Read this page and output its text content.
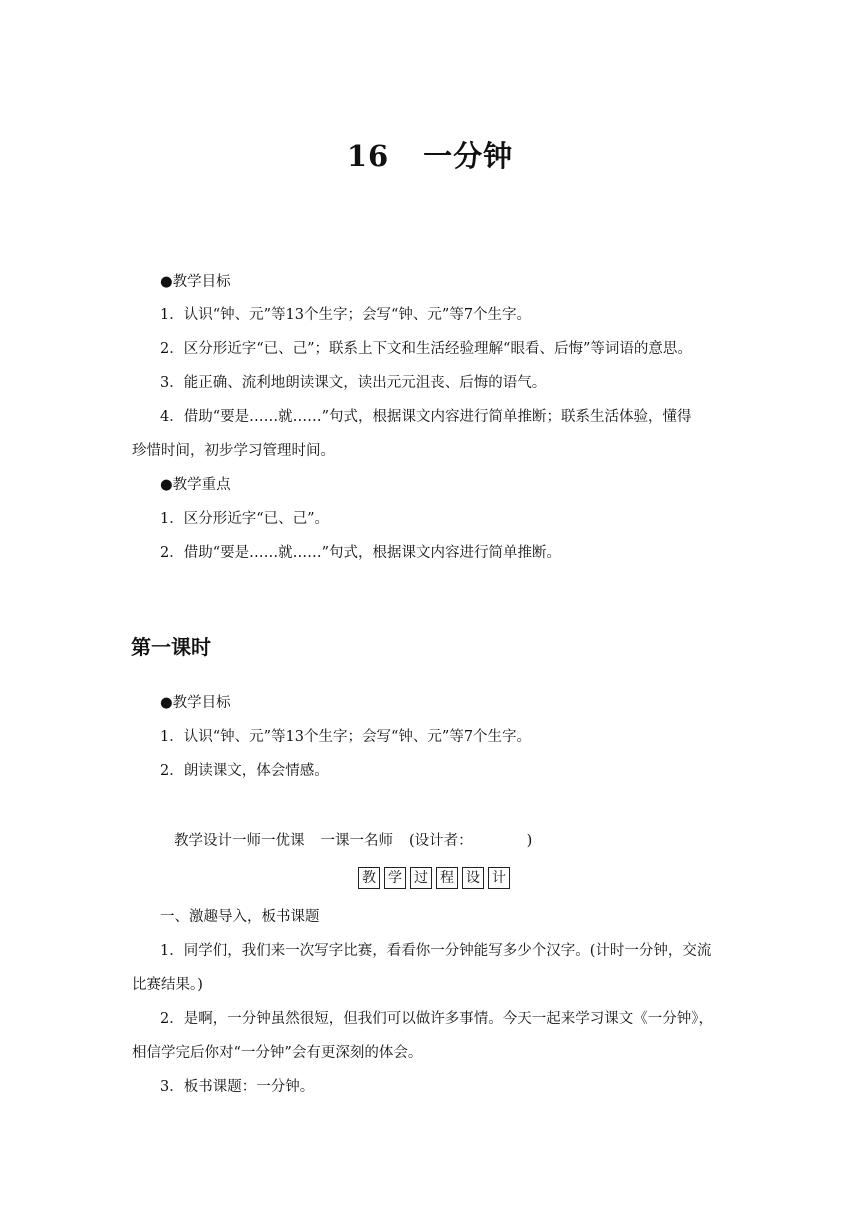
16 一分钟
●教学目标
1．认识“钟、元”等13个生字；会写“钟、元”等7个生字。
2．区分形近字“已、己”；联系上下文和生活经验理解“眼看、后悔”等词语的意思。
3．能正确、流利地朗读课文，读出元元沮丧、后悔的语气。
4．借助“要是……就……”句式，根据课文内容进行简单推断；联系生活体验，懂得
珍惜时间，初步学习管理时间。
●教学重点
1．区分形近字“已、己”。
2．借助“要是……就……”句式，根据课文内容进行简单推断。
第一课时
●教学目标
1．认识“钟、元”等13个生字；会写“钟、元”等7个生字。
2．朗读课文，体会情感。
教学设计一师一优课 一课一名师 (设计者：	)
教 学 过 程 设 计
一、激趣导入，板书课题
1．同学们，我们来一次写字比赛，看看你一分钟能写多少个汉字。(计时一分钟，交流
比赛结果。)
2．是啊，一分钟虽然很短，但我们可以做许多事情。今天一起来学习课文《一分钟》，
相信学完后你对“一分钟”会有更深刻的体会。
3．板书课题：一分钟。
